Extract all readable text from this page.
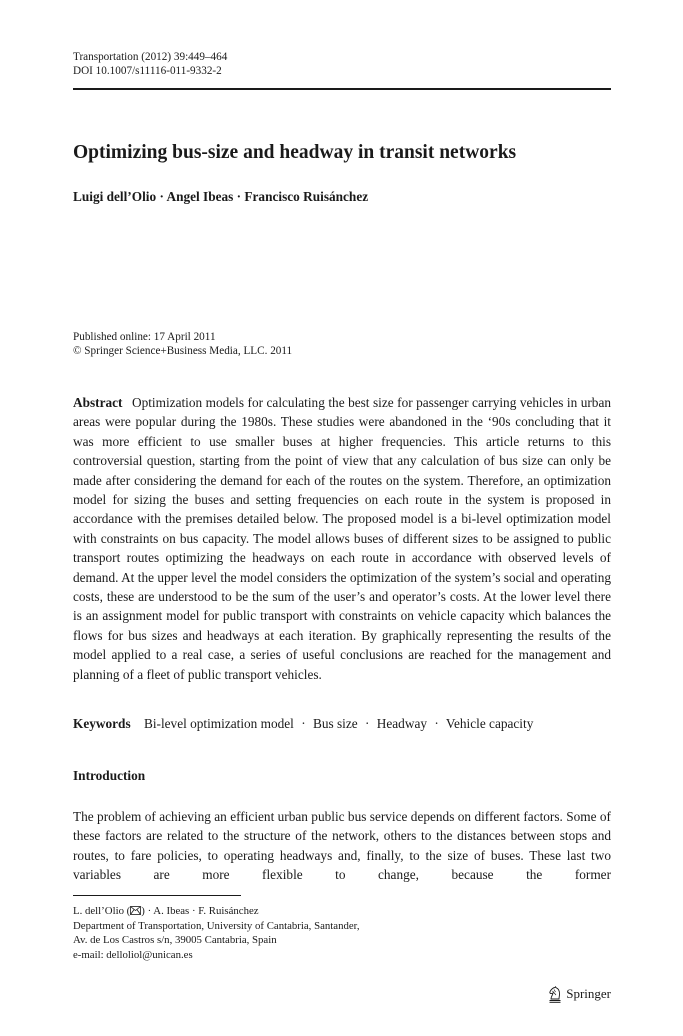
Transportation (2012) 39:449–464
DOI 10.1007/s11116-011-9332-2
Optimizing bus-size and headway in transit networks
Luigi dell’Olio · Angel Ibeas · Francisco Ruisánchez
Published online: 17 April 2011
© Springer Science+Business Media, LLC. 2011

Abstract Optimization models for calculating the best size for passenger carrying vehicles in urban areas were popular during the 1980s. These studies were abandoned in the ‘90s concluding that it was more efficient to use smaller buses at higher frequencies. This article returns to this controversial question, starting from the point of view that any calculation of bus size can only be made after considering the demand for each of the routes on the system. Therefore, an optimization model for sizing the buses and setting frequencies on each route in the system is proposed in accordance with the premises detailed below. The proposed model is a bi-level optimization model with constraints on bus capacity. The model allows buses of different sizes to be assigned to public transport routes optimizing the headways on each route in accordance with observed levels of demand. At the upper level the model considers the optimization of the system’s social and operating costs, these are understood to be the sum of the user’s and operator’s costs. At the lower level there is an assignment model for public transport with constraints on vehicle capacity which balances the flows for bus sizes and headways at each iteration. By graphically representing the results of the model applied to a real case, a series of useful conclusions are reached for the management and planning of a fleet of public transport vehicles.

Keywords Bi-level optimization model · Bus size · Headway · Vehicle capacity
Introduction

The problem of achieving an efficient urban public bus service depends on different factors. Some of these factors are related to the structure of the network, others to the distances between stops and routes, to fare policies, to operating headways and, finally, to the size of buses. These last two variables are more flexible to change, because the former

L. dell’Olio ( ) · A. Ibeas · F. Ruisánchez
Department of Transportation, University of Cantabria, Santander,
Av. de Los Castros s/n, 39005 Cantabria, Spain
e-mail: delloliol@unican.es
Springer
